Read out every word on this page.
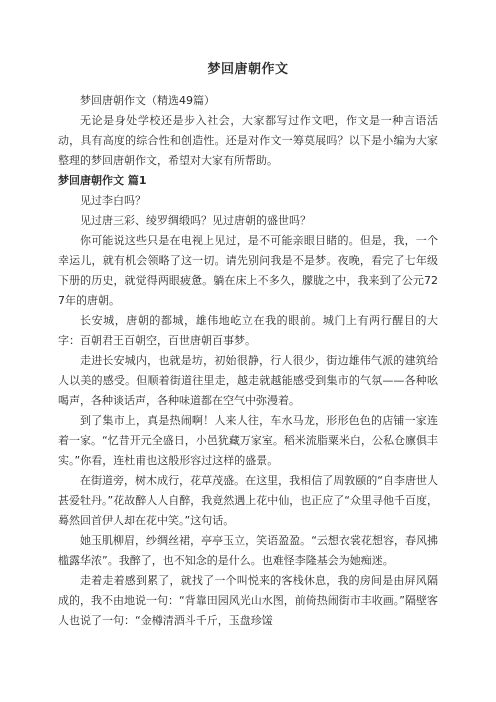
梦回唐朝作文
梦回唐朝作文（精选49篇）
无论是身处学校还是步入社会，大家都写过作文吧，作文是一种言语活动，具有高度的综合性和创造性。还是对作文一筹莫展吗？以下是小编为大家整理的梦回唐朝作文，希望对大家有所帮助。
梦回唐朝作文 篇1
见过李白吗？
见过唐三彩、绫罗绸缎吗？见过唐朝的盛世吗？
你可能说这些只是在电视上见过，是不可能亲眼目睹的。但是，我，一个幸运儿，就有机会领略了这一切。请先别问我是不是梦。夜晚，看完了七年级下册的历史，就觉得两眼疲惫。躺在床上不多久，朦胧之中，我来到了公元727年的唐朝。
长安城，唐朝的都城，雄伟地屹立在我的眼前。城门上有两行醒目的大字：百朝君王百朝空，百世唐朝百事梦。
走进长安城内，也就是坊，初始很静，行人很少，街边雄伟气派的建筑给人以美的感受。但顺着街道往里走，越走就越能感受到集市的气氛——各种吆喝声，各种谈话声，各种味道都在空气中弥漫着。
到了集市上，真是热闹啊！人来人往，车水马龙，形形色色的店铺一家连着一家。“忆昔开元全盛日，小邑犹藏万家室。稻米流脂粟米白，公私仓廪俱丰实。”你看，连杜甫也这般形容过这样的盛景。
在街道旁，树木成行，花草茂盛。在这里，我相信了周敦颐的“自李唐世人甚爱牡丹。”花故醉人人自醉，我竟然遇上花中仙，也正应了“众里寻他千百度，蓦然回首伊人却在花中笑。”这句话。
她玉肌柳眉，纱绸丝裙，亭亭玉立，笑语盈盈。“云想衣裳花想容，春风拂槛露华浓”。我醉了，也不知念的是什么。也难怪李隆基会为她痴迷。
走着走着感到累了，就找了一个叫悦来的客栈休息，我的房间是由屏风隔成的，我不由地说一句：“背靠田园风光山水图，前倚热闹街市丰收画。”隔壁客人也说了一句：“金樽清酒斗千斤，玉盘珍馐
